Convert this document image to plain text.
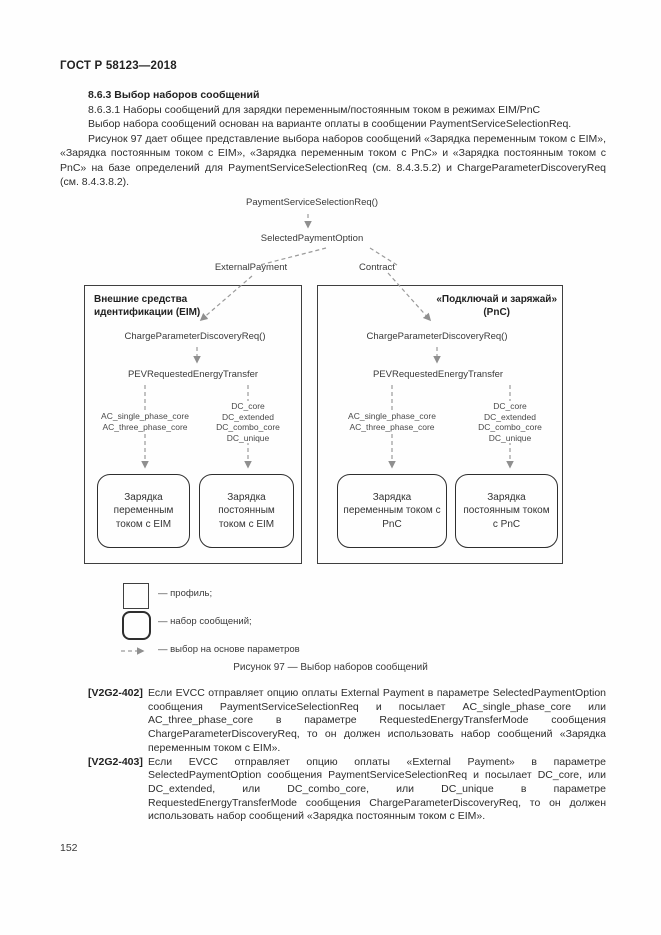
ГОСТ Р 58123—2018
8.6.3 Выбор наборов сообщений

8.6.3.1 Наборы сообщений для зарядки переменным/постоянным током в режимах EIM/PnC

Выбор набора сообщений основан на варианте оплаты в сообщении PaymentServiceSelectionReq.

Рисунок 97 дает общее представление выбора наборов сообщений «Зарядка переменным током с EIM», «Зарядка постоянным током с EIM», «Зарядка переменным током с PnC» и «Зарядка постоянным током с PnC» на базе определений для PaymentServiceSelectionReq (см. 8.4.3.5.2) и ChargeParameterDiscoveryReq (см. 8.4.3.8.2).

PaymentServiceSelectionReq()
SelectedPaymentOption
ExternalPayment	Contract
Внешние средства
идентификации (EIM)
ChargeParameterDiscoveryReq()
PEVRequestedEnergyTransfer
AC_single_phase_core
AC_three_phase_core
DC_core
DC_extended
DC_combo_core
DC_unique
Зарядка переменным током с EIM
Зарядка постоянным током с EIM
«Подключай и заряжай»
(PnC)
ChargeParameterDiscoveryReq()
PEVRequestedEnergyTransfer
AC_single_phase_core
AC_three_phase_core
DC_core
DC_extended
DC_combo_core
DC_unique
Зарядка переменным током с PnC
Зарядка постоянным током с PnC
— профиль;
— набор сообщений;
— выбор на основе параметров
Рисунок 97 — Выбор наборов сообщений
[V2G2-402] Если EVCC отправляет опцию оплаты External Payment в параметре SelectedPaymentOption сообщения PaymentServiceSelectionReq и посылает AC_single_phase_core или AC_three_phase_core в параметре RequestedEnergyTransferMode сообщения ChargeParameterDiscoveryReq, то он должен использовать набор сообщений «Зарядка переменным током с EIM».
[V2G2-403] Если EVCC отправляет опцию оплаты «External Payment» в параметре SelectedPaymentOption сообщения PaymentServiceSelectionReq и посылает DC_core, или DC_extended, или DC_combo_core, или DC_unique в параметре RequestedEnergyTransferMode сообщения ChargeParameterDiscoveryReq, то он должен использовать набор сообщений «Зарядка постоянным током с EIM».
152
